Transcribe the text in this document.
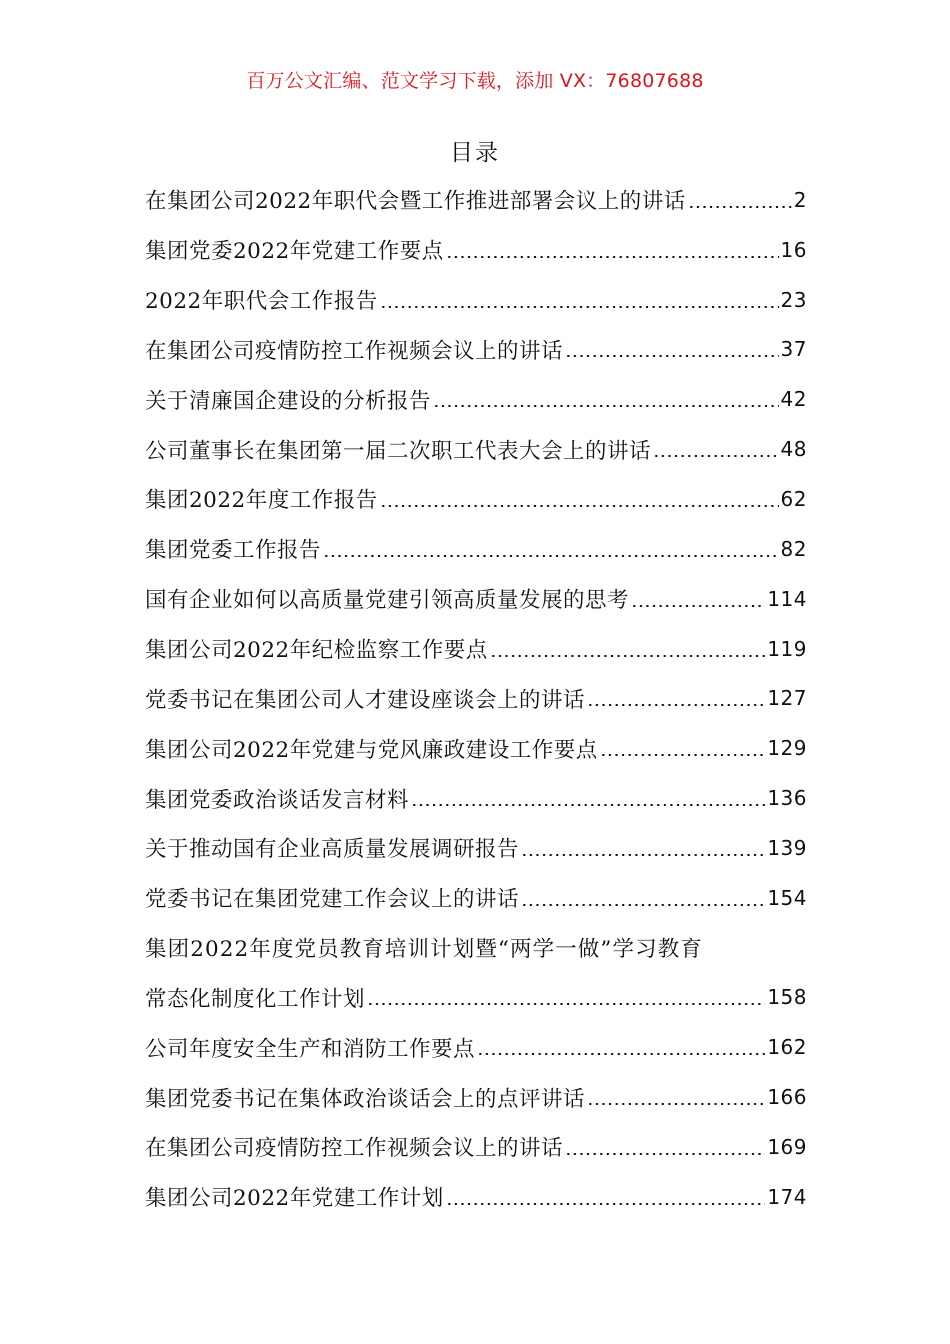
百万公文汇编、范文学习下载，添加 VX：76807688
目录
在集团公司2022年职代会暨工作推进部署会议上的讲话	2
集团党委2022年党建工作要点	16
2022年职代会工作报告	23
在集团公司疫情防控工作视频会议上的讲话	37
关于清廉国企建设的分析报告	42
公司董事长在集团第一届二次职工代表大会上的讲话	48
集团2022年度工作报告	62
集团党委工作报告	82
国有企业如何以高质量党建引领高质量发展的思考	114
集团公司2022年纪检监察工作要点	119
党委书记在集团公司人才建设座谈会上的讲话	127
集团公司2022年党建与党风廉政建设工作要点	129
集团党委政治谈话发言材料	136
关于推动国有企业高质量发展调研报告	139
党委书记在集团党建工作会议上的讲话	154
集团2022年度党员教育培训计划暨“两学一做”学习教育
常态化制度化工作计划	158
公司年度安全生产和消防工作要点	162
集团党委书记在集体政治谈话会上的点评讲话	166
在集团公司疫情防控工作视频会议上的讲话	169
集团公司2022年党建工作计划	174
